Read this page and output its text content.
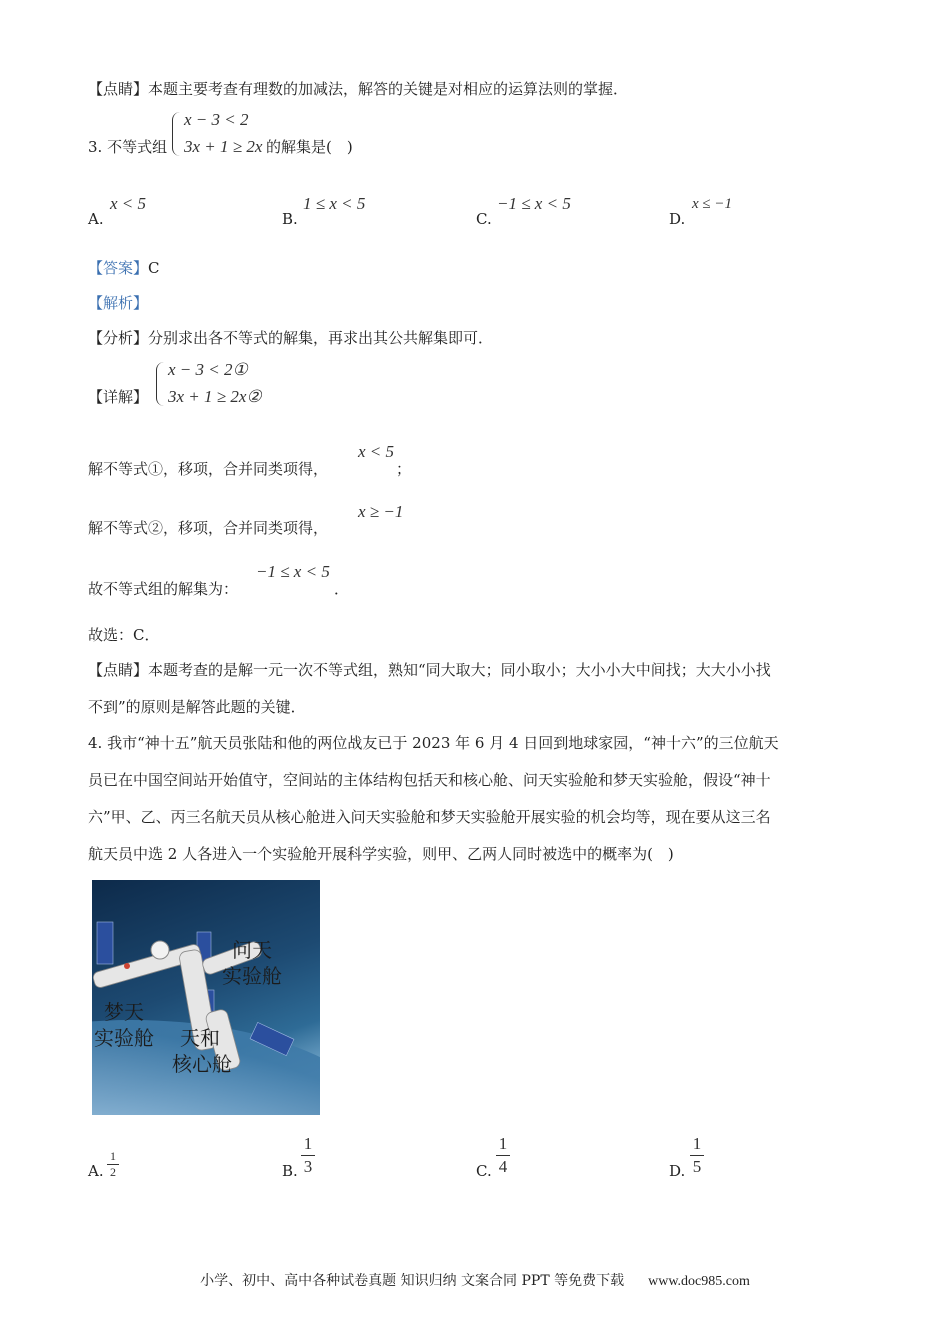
【点睛】本题主要考查有理数的加减法，解答的关键是对相应的运算法则的掌握．
3. 不等式组
x − 3 < 2
3x + 1 ≥ 2x 的解集是(　)
A.
x < 5
B.
1 ≤ x < 5
C.
−1 ≤ x < 5
D.
x ≤ −1
【答案】C
【解析】
【分析】分别求出各不等式的解集，再求出其公共解集即可．
【详解】
x − 3 < 2①
3x + 1 ≥ 2x②
解不等式①，移项，合并同类项得，
x < 5
；
解不等式②，移项，合并同类项得，
x ≥ −1
故不等式组的解集为：
−1 ≤ x < 5
．
故选：C．
【点睛】本题考查的是解一元一次不等式组，熟知“同大取大；同小取小；大小小大中间找；大大小小找
不到”的原则是解答此题的关键．
4. 我市“神十五”航天员张陆和他的两位战友已于 2023 年 6 月 4 日回到地球家园，“神十六”的三位航天
员已在中国空间站开始值守，空间站的主体结构包括天和核心舱、问天实验舱和梦天实验舱，假设“神十
六”甲、乙、丙三名航天员从核心舱进入问天实验舱和梦天实验舱开展实验的机会均等，现在要从这三名
航天员中选 2 人各进入一个实验舱开展科学实验，则甲、乙两人同时被选中的概率为(　)
问天
实验舱
梦天
实验舱 天和
核心舱
A.
1
2	B.
1
3	C.
1
4	D.
1
5
小学、初中、高中各种试卷真题 知识归纳 文案合同 PPT 等免费下载 www.doc985.com
